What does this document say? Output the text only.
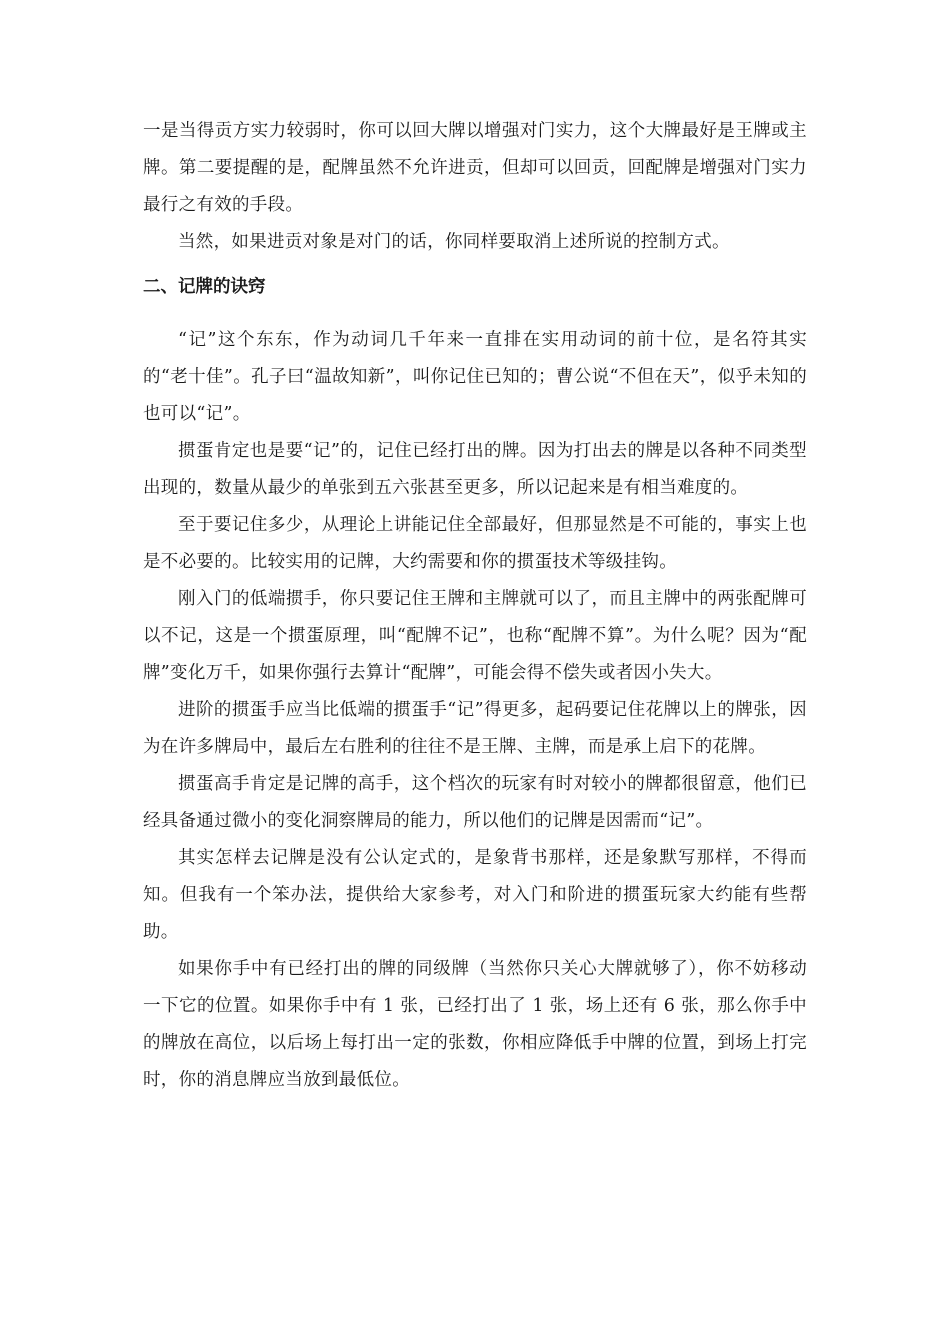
一是当得贡方实力较弱时，你可以回大牌以增强对门实力，这个大牌最好是王牌或主牌。第二要提醒的是，配牌虽然不允许进贡，但却可以回贡，回配牌是增强对门实力最行之有效的手段。

当然，如果进贡对象是对门的话，你同样要取消上述所说的控制方式。

二、记牌的诀窍

“记”这个东东，作为动词几千年来一直排在实用动词的前十位，是名符其实的“老十佳”。孔子曰“温故知新”，叫你记住已知的；曹公说“不但在天”，似乎未知的也可以“记”。

掼蛋肯定也是要“记”的，记住已经打出的牌。因为打出去的牌是以各种不同类型出现的，数量从最少的单张到五六张甚至更多，所以记起来是有相当难度的。

至于要记住多少，从理论上讲能记住全部最好，但那显然是不可能的，事实上也是不必要的。比较实用的记牌，大约需要和你的掼蛋技术等级挂钩。

刚入门的低端掼手，你只要记住王牌和主牌就可以了，而且主牌中的两张配牌可以不记，这是一个掼蛋原理，叫“配牌不记”，也称“配牌不算”。为什么呢？因为“配牌”变化万千，如果你强行去算计“配牌”，可能会得不偿失或者因小失大。

进阶的掼蛋手应当比低端的掼蛋手“记”得更多，起码要记住花牌以上的牌张，因为在许多牌局中，最后左右胜利的往往不是王牌、主牌，而是承上启下的花牌。

掼蛋高手肯定是记牌的高手，这个档次的玩家有时对较小的牌都很留意，他们已经具备通过微小的变化洞察牌局的能力，所以他们的记牌是因需而“记”。

其实怎样去记牌是没有公认定式的，是象背书那样，还是象默写那样，不得而知。但我有一个笨办法，提供给大家参考，对入门和阶进的掼蛋玩家大约能有些帮助。

如果你手中有已经打出的牌的同级牌（当然你只关心大牌就够了），你不妨移动一下它的位置。如果你手中有 1 张，已经打出了 1 张，场上还有 6 张，那么你手中的牌放在高位，以后场上每打出一定的张数，你相应降低手中牌的位置，到场上打完时，你的消息牌应当放到最低位。
